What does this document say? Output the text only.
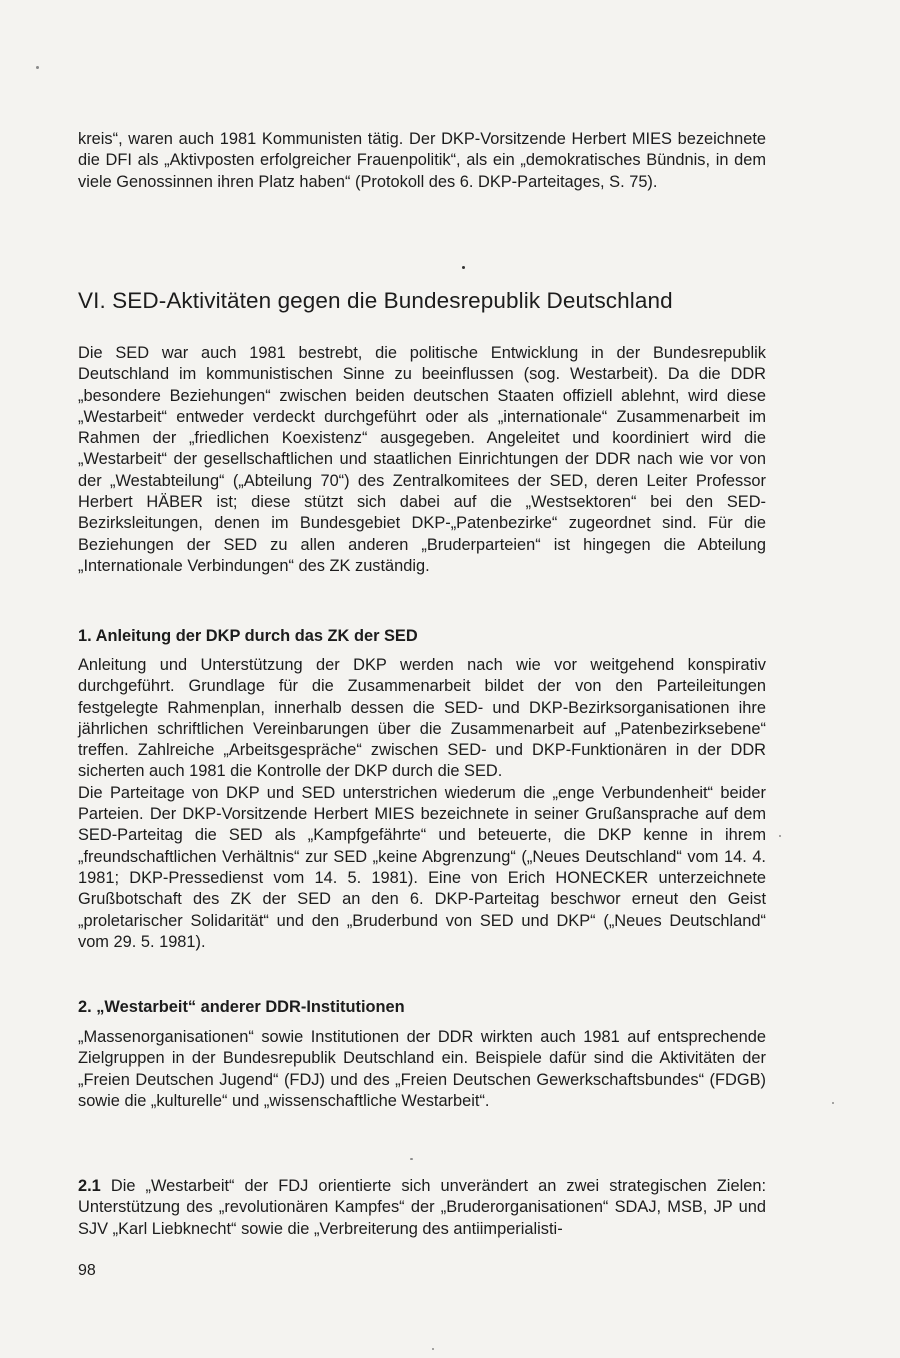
kreis“, waren auch 1981 Kommunisten tätig. Der DKP-Vorsitzende Herbert MIES bezeichnete die DFI als „Aktivposten erfolgreicher Frauenpolitik“, als ein „demokratisches Bündnis, in dem viele Genossinnen ihren Platz haben“ (Protokoll des 6. DKP-Parteitages, S. 75).

VI. SED-Aktivitäten gegen die Bundesrepublik Deutschland

Die SED war auch 1981 bestrebt, die politische Entwicklung in der Bundesrepublik Deutschland im kommunistischen Sinne zu beeinflussen (sog. Westarbeit). Da die DDR „besondere Beziehungen“ zwischen beiden deutschen Staaten offiziell ablehnt, wird diese „Westarbeit“ entweder verdeckt durchgeführt oder als „internationale“ Zusammenarbeit im Rahmen der „friedlichen Koexistenz“ ausgegeben. Angeleitet und koordiniert wird die „Westarbeit“ der gesellschaftlichen und staatlichen Einrichtungen der DDR nach wie vor von der „Westabteilung“ („Abteilung 70“) des Zentralkomitees der SED, deren Leiter Professor Herbert HÄBER ist; diese stützt sich dabei auf die „Westsektoren“ bei den SED-Bezirksleitungen, denen im Bundesgebiet DKP-„Patenbezirke“ zugeordnet sind. Für die Beziehungen der SED zu allen anderen „Bruderparteien“ ist hingegen die Abteilung „Internationale Verbindungen“ des ZK zuständig.

1. Anleitung der DKP durch das ZK der SED

Anleitung und Unterstützung der DKP werden nach wie vor weitgehend konspirativ durchgeführt. Grundlage für die Zusammenarbeit bildet der von den Parteileitungen festgelegte Rahmenplan, innerhalb dessen die SED- und DKP-Bezirksorganisationen ihre jährlichen schriftlichen Vereinbarungen über die Zusammenarbeit auf „Patenbezirksebene“ treffen. Zahlreiche „Arbeitsgespräche“ zwischen SED- und DKP-Funktionären in der DDR sicherten auch 1981 die Kontrolle der DKP durch die SED.

Die Parteitage von DKP und SED unterstrichen wiederum die „enge Verbundenheit“ beider Parteien. Der DKP-Vorsitzende Herbert MIES bezeichnete in seiner Grußansprache auf dem SED-Parteitag die SED als „Kampfgefährte“ und beteuerte, die DKP kenne in ihrem „freundschaftlichen Verhältnis“ zur SED „keine Abgrenzung“ („Neues Deutschland“ vom 14. 4. 1981; DKP-Pressedienst vom 14. 5. 1981). Eine von Erich HONECKER unterzeichnete Grußbotschaft des ZK der SED an den 6. DKP-Parteitag beschwor erneut den Geist „proletarischer Solidarität“ und den „Bruderbund von SED und DKP“ („Neues Deutschland“ vom 29. 5. 1981).

2. „Westarbeit“ anderer DDR-Institutionen

„Massenorganisationen“ sowie Institutionen der DDR wirkten auch 1981 auf entsprechende Zielgruppen in der Bundesrepublik Deutschland ein. Beispiele dafür sind die Aktivitäten der „Freien Deutschen Jugend“ (FDJ) und des „Freien Deutschen Gewerkschaftsbundes“ (FDGB) sowie die „kulturelle“ und „wissenschaftliche Westarbeit“.

2.1 Die „Westarbeit“ der FDJ orientierte sich unverändert an zwei strategischen Zielen: Unterstützung des „revolutionären Kampfes“ der „Bruderorganisationen“ SDAJ, MSB, JP und SJV „Karl Liebknecht“ sowie die „Verbreiterung des antiimperialisti-

98
